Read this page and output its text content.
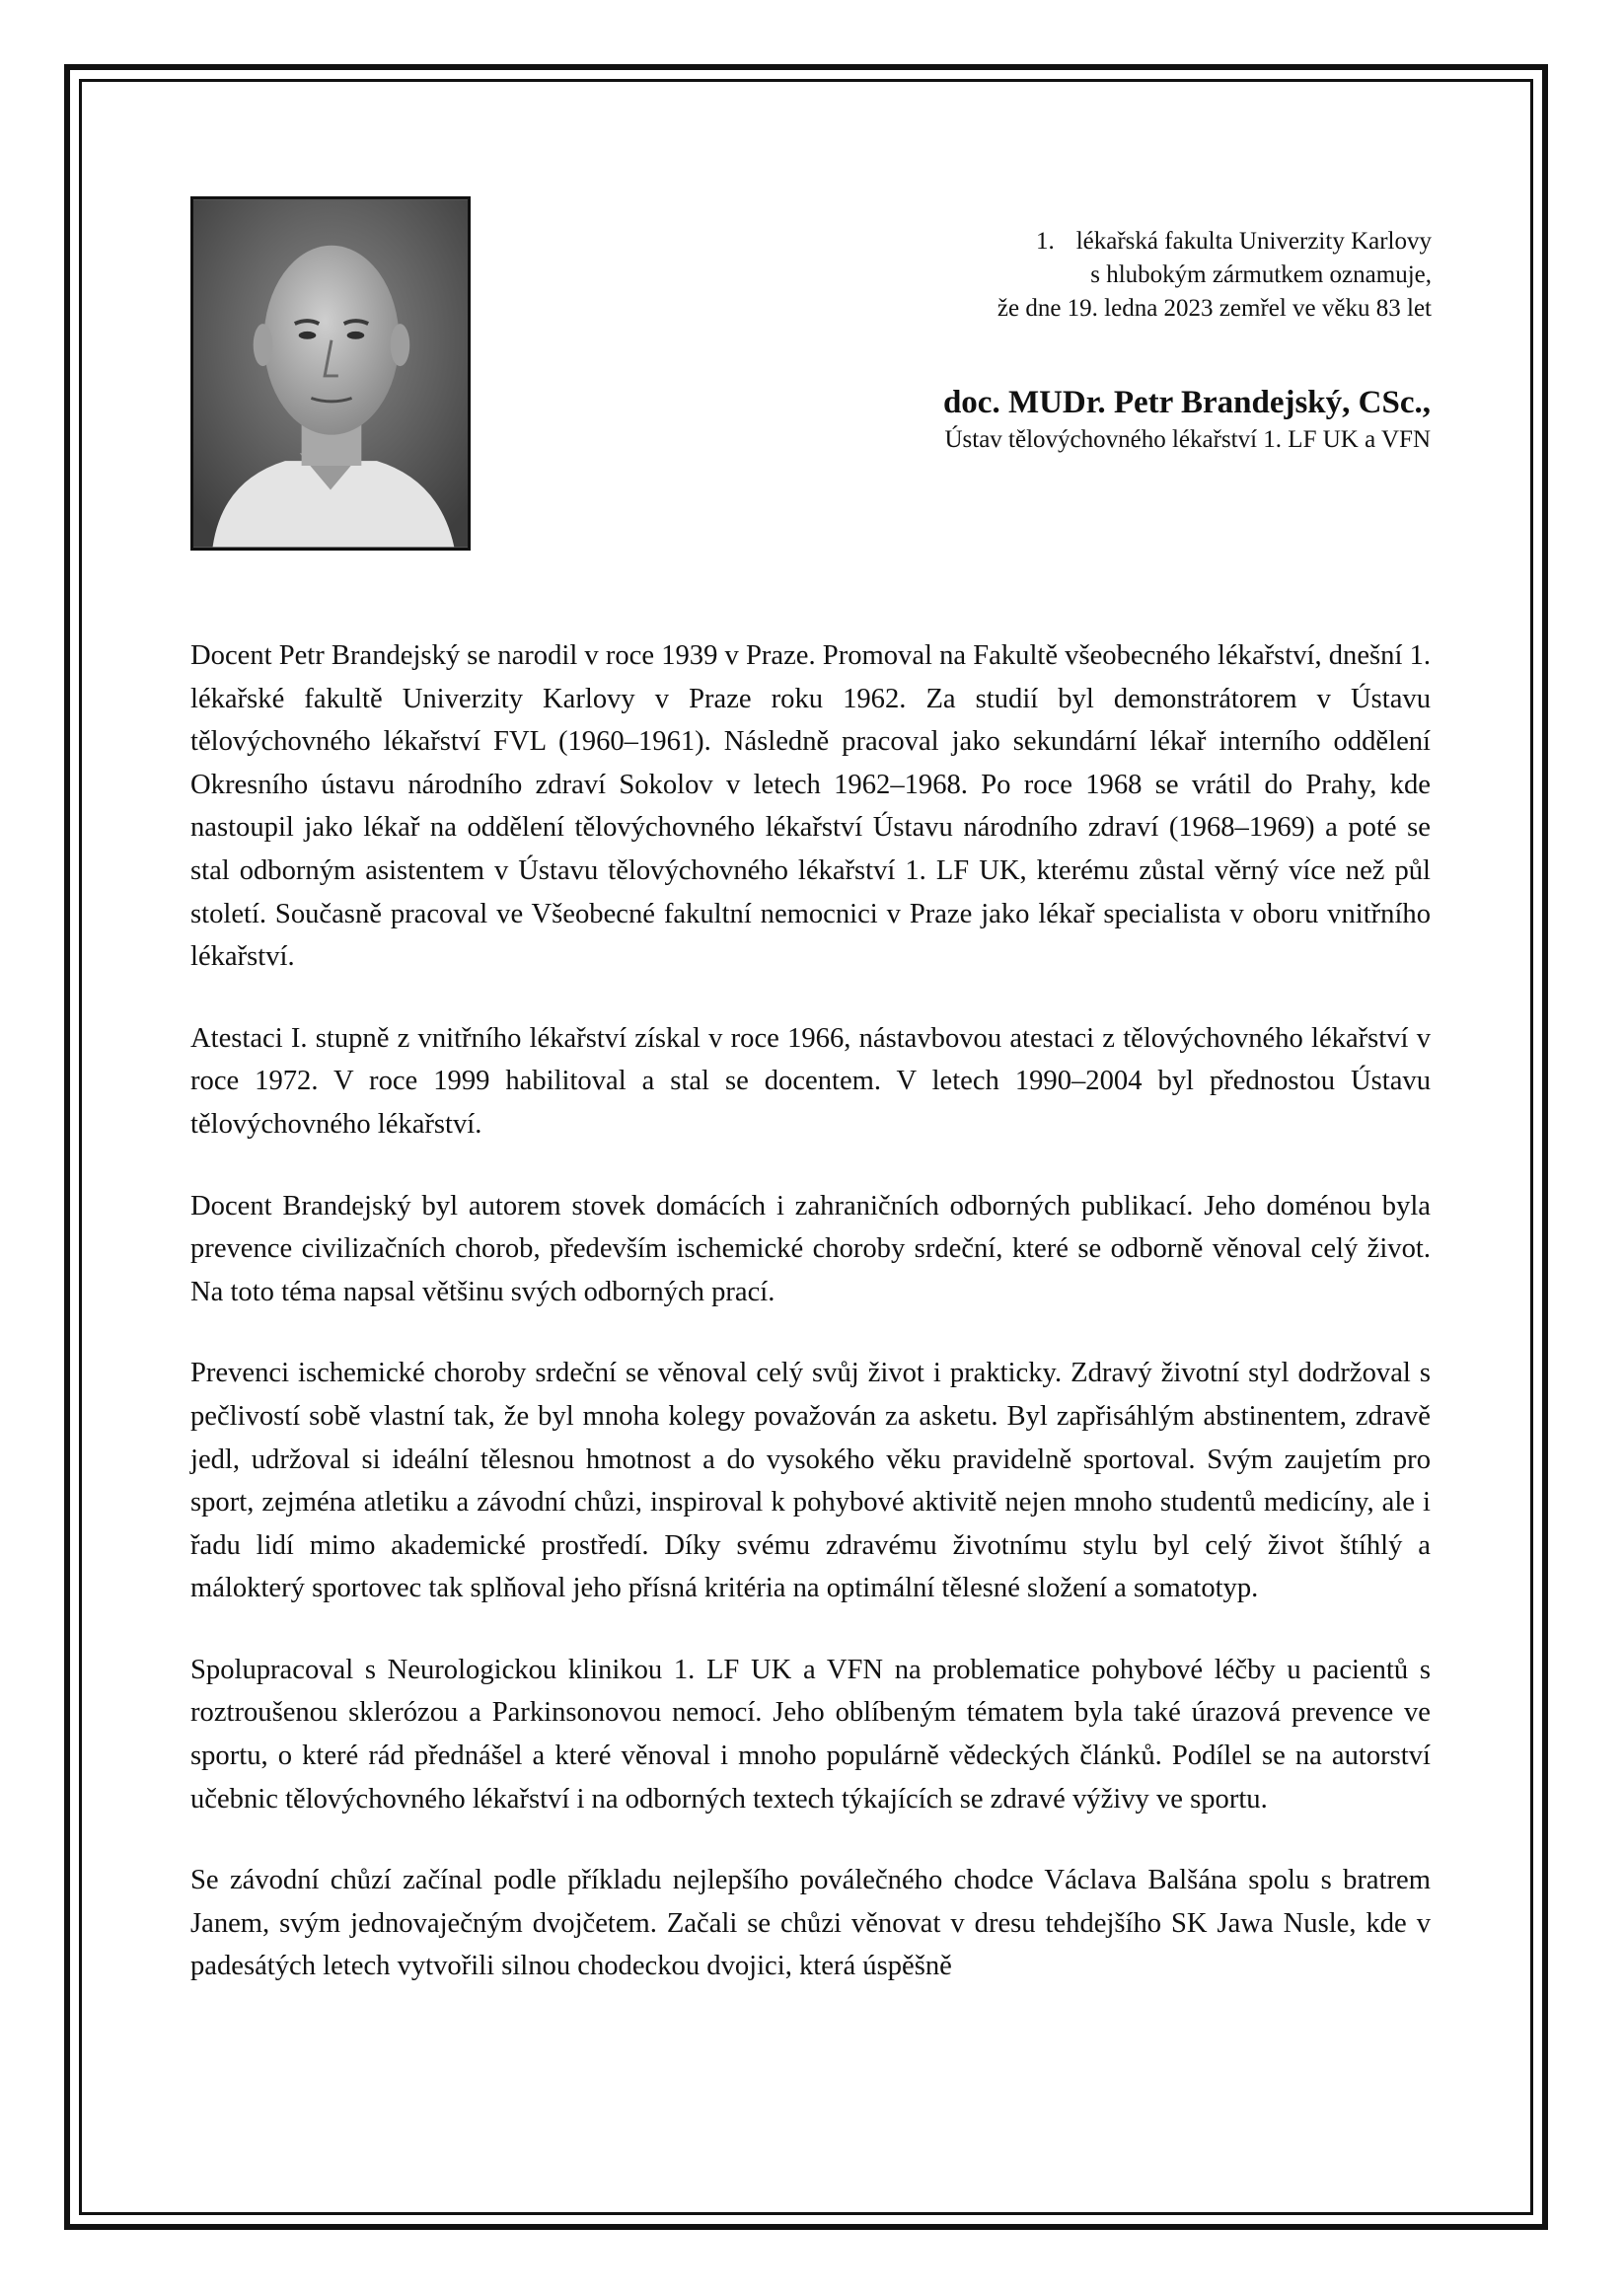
1. lékařská fakulta Univerzity Karlovy
s hlubokým zármutkem oznamuje,
že dne 19. ledna 2023 zemřel ve věku 83 let
doc. MUDr. Petr Brandejský, CSc.,
Ústav tělovýchovného lékařství 1. LF UK a VFN

Docent Petr Brandejský se narodil v roce 1939 v Praze. Promoval na Fakultě všeobecného lékařství, dnešní 1. lékařské fakultě Univerzity Karlovy v Praze roku 1962. Za studií byl demonstrátorem v Ústavu tělovýchovného lékařství FVL (1960–1961). Následně pracoval jako sekundární lékař interního oddělení Okresního ústavu národního zdraví Sokolov v letech 1962–1968. Po roce 1968 se vrátil do Prahy, kde nastoupil jako lékař na oddělení tělovýchovného lékařství Ústavu národního zdraví (1968–1969) a poté se stal odborným asistentem v Ústavu tělovýchovného lékařství 1. LF UK, kterému zůstal věrný více než půl století. Současně pracoval ve Všeobecné fakultní nemocnici v Praze jako lékař specialista v oboru vnitřního lékařství.

Atestaci I. stupně z vnitřního lékařství získal v roce 1966, nástavbovou atestaci z tělovýchovného lékařství v roce 1972. V roce 1999 habilitoval a stal se docentem. V letech 1990–2004 byl přednostou Ústavu tělovýchovného lékařství.

Docent Brandejský byl autorem stovek domácích i zahraničních odborných publikací. Jeho doménou byla prevence civilizačních chorob, především ischemické choroby srdeční, které se odborně věnoval celý život. Na toto téma napsal většinu svých odborných prací.

Prevenci ischemické choroby srdeční se věnoval celý svůj život i prakticky. Zdravý životní styl dodržoval s pečlivostí sobě vlastní tak, že byl mnoha kolegy považován za asketu. Byl zapřisáhlým abstinentem, zdravě jedl, udržoval si ideální tělesnou hmotnost a do vysokého věku pravidelně sportoval. Svým zaujetím pro sport, zejména atletiku a závodní chůzi, inspiroval k pohybové aktivitě nejen mnoho studentů medicíny, ale i řadu lidí mimo akademické prostředí. Díky svému zdravému životnímu stylu byl celý život štíhlý a málokterý sportovec tak splňoval jeho přísná kritéria na optimální tělesné složení a somatotyp.

Spolupracoval s Neurologickou klinikou 1. LF UK a VFN na problematice pohybové léčby u pacientů s roztroušenou sklerózou a Parkinsonovou nemocí. Jeho oblíbeným tématem byla také úrazová prevence ve sportu, o které rád přednášel a které věnoval i mnoho populárně vědeckých článků. Podílel se na autorství učebnic tělovýchovného lékařství i na odborných textech týkajících se zdravé výživy ve sportu.

Se závodní chůzí začínal podle příkladu nejlepšího poválečného chodce Václava Balšána spolu s bratrem Janem, svým jednovaječným dvojčetem. Začali se chůzi věnovat v dresu tehdejšího SK Jawa Nusle, kde v padesátých letech vytvořili silnou chodeckou dvojici, která úspěšně
